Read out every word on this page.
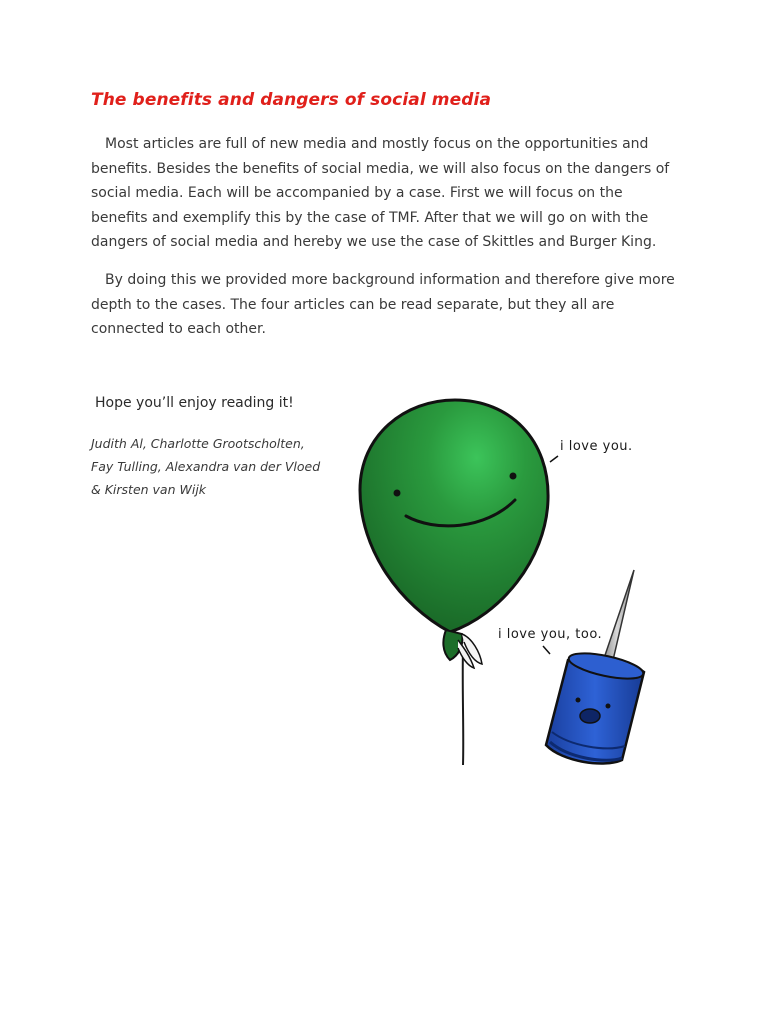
The benefits and dangers of social media

Most articles are full of new media and mostly focus on the opportunities and benefits. Besides the benefits of social media, we will also focus on the dangers of social media. Each will be accompanied by a case. First we will focus on the benefits and exemplify this by the case of TMF. After that we will go on with the dangers of social media and hereby we use the case of Skittles and Burger King.

By doing this we provided more background information and therefore give more depth to the cases. The four articles can be read separate, but they all are connected to each other.

Hope you’ll enjoy reading it!

Judith Al, Charlotte Grootscholten,
Fay Tulling, Alexandra van der Vloed
& Kirsten van Wijk
i love you.
i love you, too.
